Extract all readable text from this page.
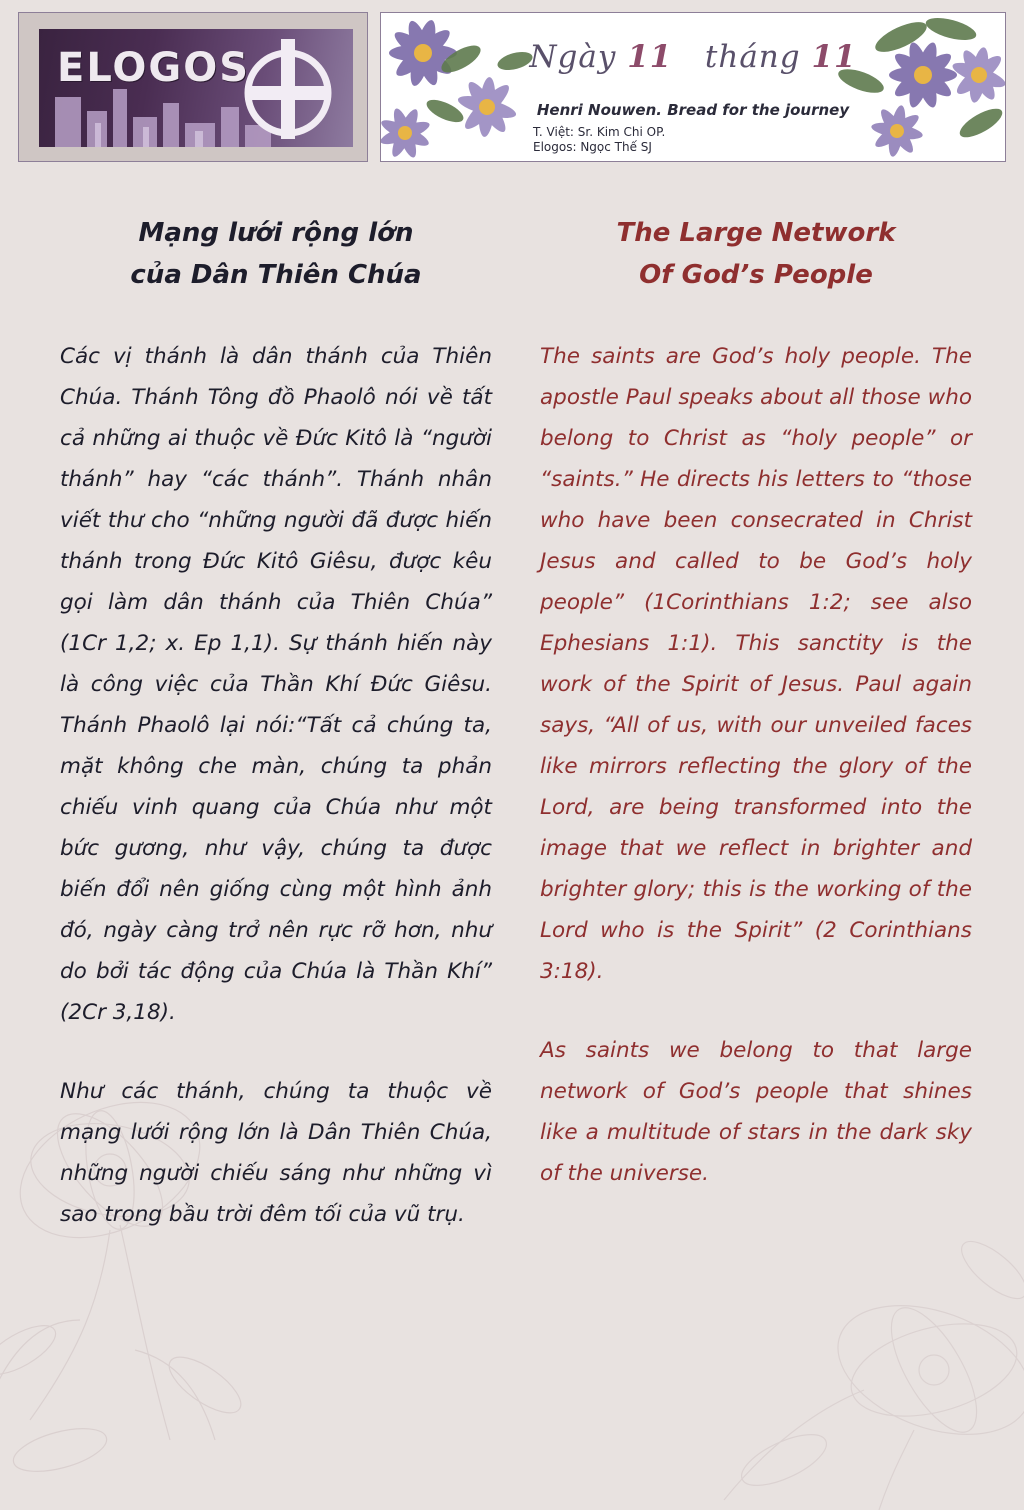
ELOGOS	Ngày 11 tháng 11
Henri Nouwen. Bread for the journey
T. Việt: Sr. Kim Chi OP.
Elogos: Ngọc Thế SJ
Mạng lưới rộng lớn
của Dân Thiên Chúa

Các vị thánh là dân thánh của Thiên Chúa. Thánh Tông đồ Phaolô nói về tất cả những ai thuộc về Đức Kitô là “người thánh” hay “các thánh”. Thánh nhân viết thư cho “những người đã được hiến thánh trong Đức Kitô Giêsu, được kêu gọi làm dân thánh của Thiên Chúa” (1Cr 1,2; x. Ep 1,1). Sự thánh hiến này là công việc của Thần Khí Đức Giêsu. Thánh Phaolô lại nói:“Tất cả chúng ta, mặt không che màn, chúng ta phản chiếu vinh quang của Chúa như một bức gương, như vậy, chúng ta được biến đổi nên giống cùng một hình ảnh đó, ngày càng trở nên rực rỡ hơn, như do bởi tác động của Chúa là Thần Khí” (2Cr 3,18).

Như các thánh, chúng ta thuộc về mạng lưới rộng lớn là Dân Thiên Chúa, những người chiếu sáng như những vì sao trong bầu trời đêm tối của vũ trụ.

The Large Network
Of God’s People

The saints are God’s holy people. The apostle Paul speaks about all those who belong to Christ as “holy people” or “saints.” He directs his letters to “those who have been consecrated in Christ Jesus and called to be God’s holy people” (1Corinthians 1:2; see also Ephesians 1:1). This sanctity is the work of the Spirit of Jesus. Paul again says, “All of us, with our unveiled faces like mirrors reflecting the glory of the Lord, are being transformed into the image that we reflect in brighter and brighter glory; this is the working of the Lord who is the Spirit” (2 Corinthians 3:18).

As saints we belong to that large network of God’s people that shines like a multitude of stars in the dark sky of the universe.
